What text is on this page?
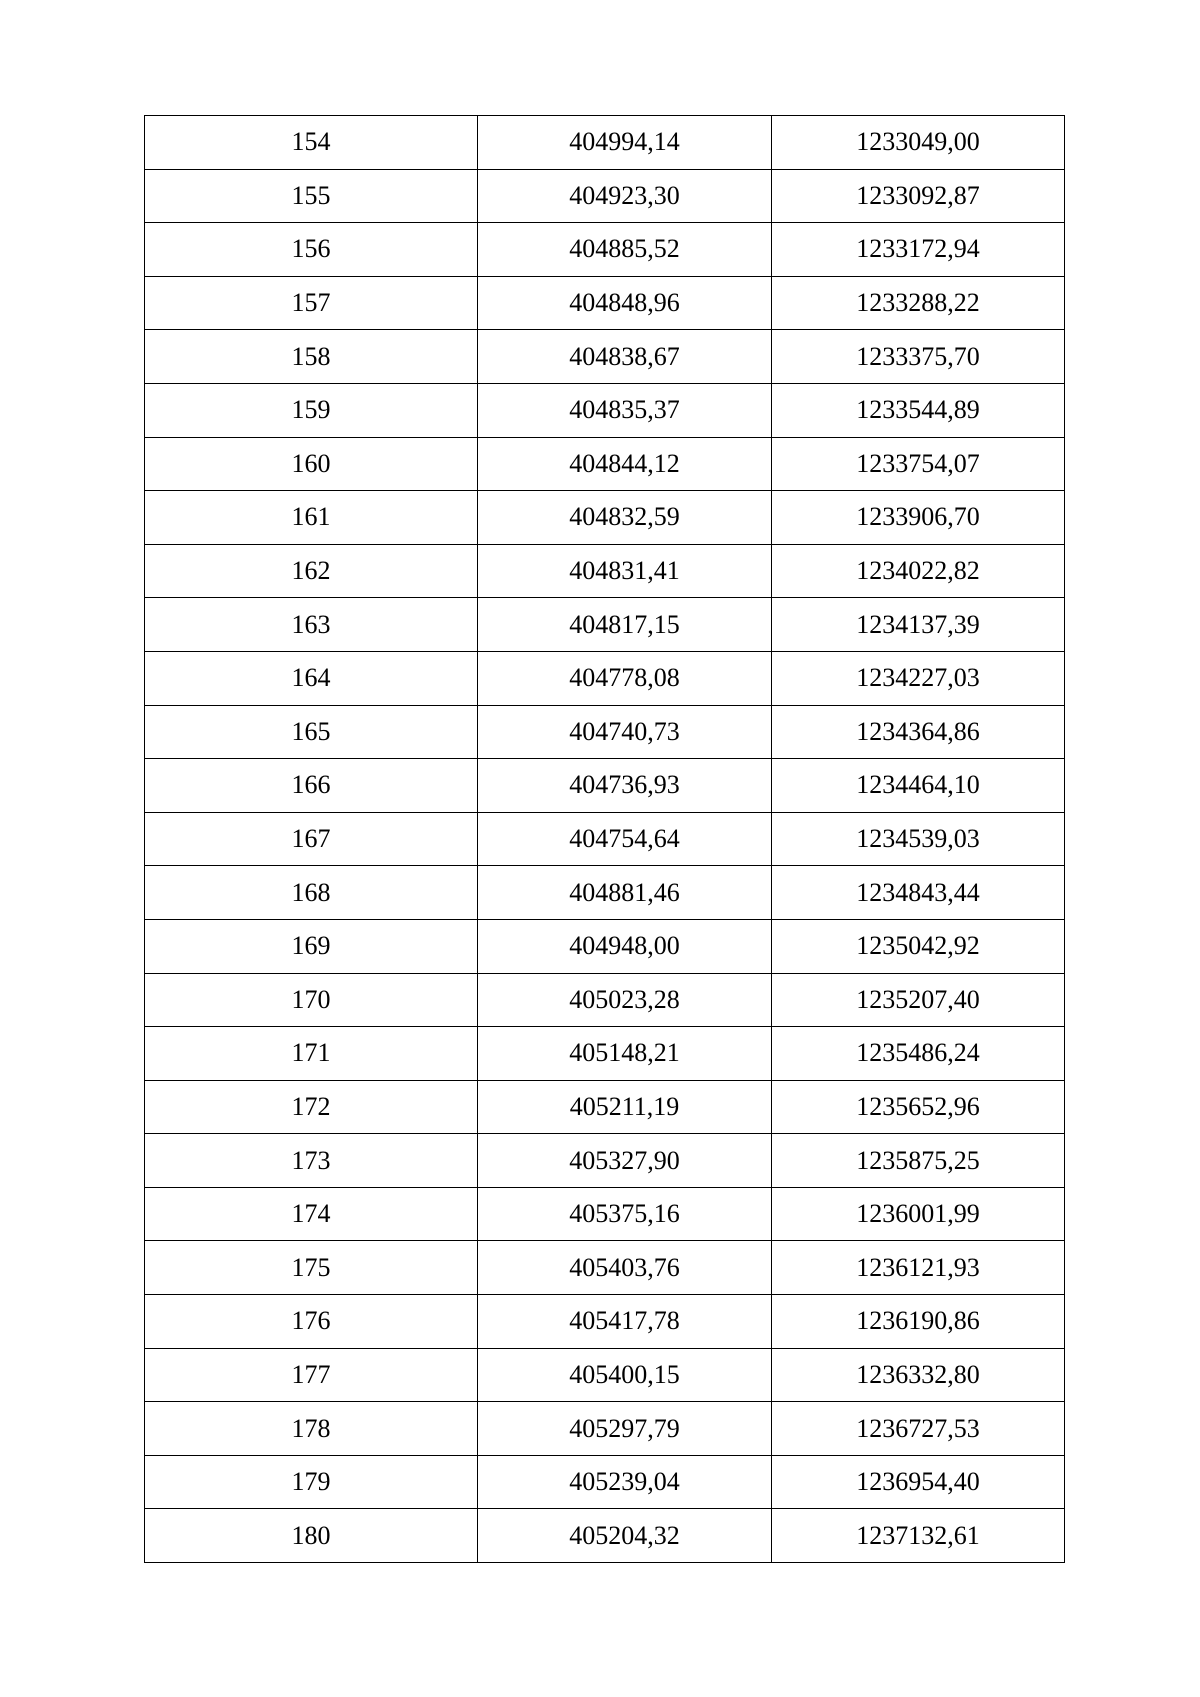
154	404994,14	1233049,00
155	404923,30	1233092,87
156	404885,52	1233172,94
157	404848,96	1233288,22
158	404838,67	1233375,70
159	404835,37	1233544,89
160	404844,12	1233754,07
161	404832,59	1233906,70
162	404831,41	1234022,82
163	404817,15	1234137,39
164	404778,08	1234227,03
165	404740,73	1234364,86
166	404736,93	1234464,10
167	404754,64	1234539,03
168	404881,46	1234843,44
169	404948,00	1235042,92
170	405023,28	1235207,40
171	405148,21	1235486,24
172	405211,19	1235652,96
173	405327,90	1235875,25
174	405375,16	1236001,99
175	405403,76	1236121,93
176	405417,78	1236190,86
177	405400,15	1236332,80
178	405297,79	1236727,53
179	405239,04	1236954,40
180	405204,32	1237132,61
